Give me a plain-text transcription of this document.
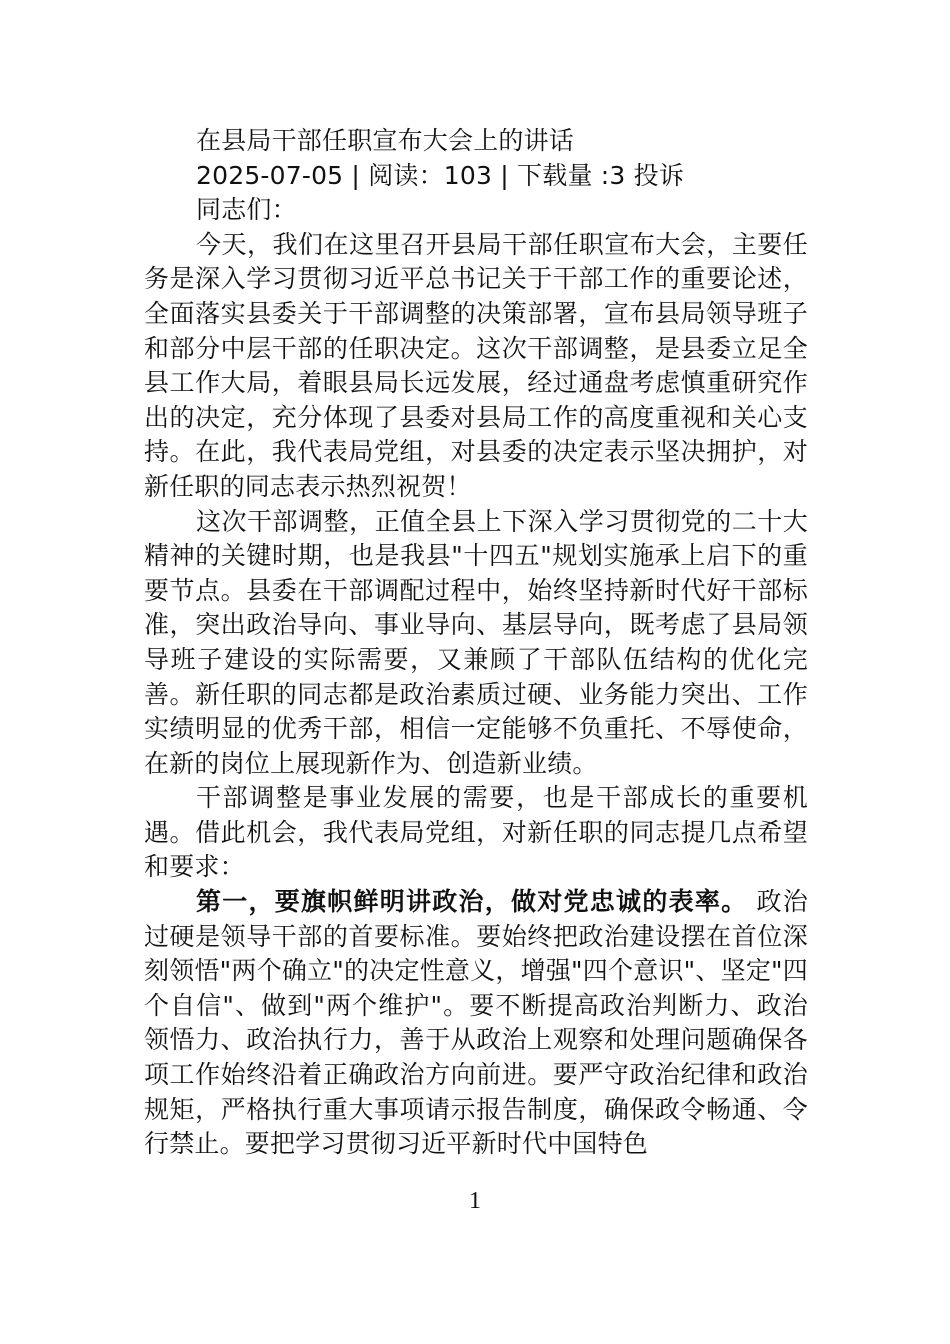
在县局干部任职宣布大会上的讲话
2025-07-05 | 阅读：103 | 下载量 :3 投诉
同志们：

今天，我们在这里召开县局干部任职宣布大会，主要任务是深入学习贯彻习近平总书记关于干部工作的重要论述，全面落实县委关于干部调整的决策部署，宣布县局领导班子和部分中层干部的任职决定。这次干部调整，是县委立足全县工作大局，着眼县局长远发展，经过通盘考虑慎重研究作出的决定，充分体现了县委对县局工作的高度重视和关心支持。在此，我代表局党组，对县委的决定表示坚决拥护，对新任职的同志表示热烈祝贺！

这次干部调整，正值全县上下深入学习贯彻党的二十大精神的关键时期，也是我县"十四五"规划实施承上启下的重要节点。县委在干部调配过程中，始终坚持新时代好干部标准，突出政治导向、事业导向、基层导向，既考虑了县局领导班子建设的实际需要，又兼顾了干部队伍结构的优化完善。新任职的同志都是政治素质过硬、业务能力突出、工作实绩明显的优秀干部，相信一定能够不负重托、不辱使命，在新的岗位上展现新作为、创造新业绩。

干部调整是事业发展的需要，也是干部成长的重要机遇。借此机会，我代表局党组，对新任职的同志提几点希望和要求：

第一，要旗帜鲜明讲政治，做对党忠诚的表率。 政治过硬是领导干部的首要标准。要始终把政治建设摆在首位深刻领悟"两个确立"的决定性意义，增强"四个意识"、坚定"四个自信"、做到"两个维护"。要不断提高政治判断力、政治领悟力、政治执行力，善于从政治上观察和处理问题确保各项工作始终沿着正确政治方向前进。要严守政治纪律和政治规矩，严格执行重大事项请示报告制度，确保政令畅通、令行禁止。要把学习贯彻习近平新时代中国特色

1
